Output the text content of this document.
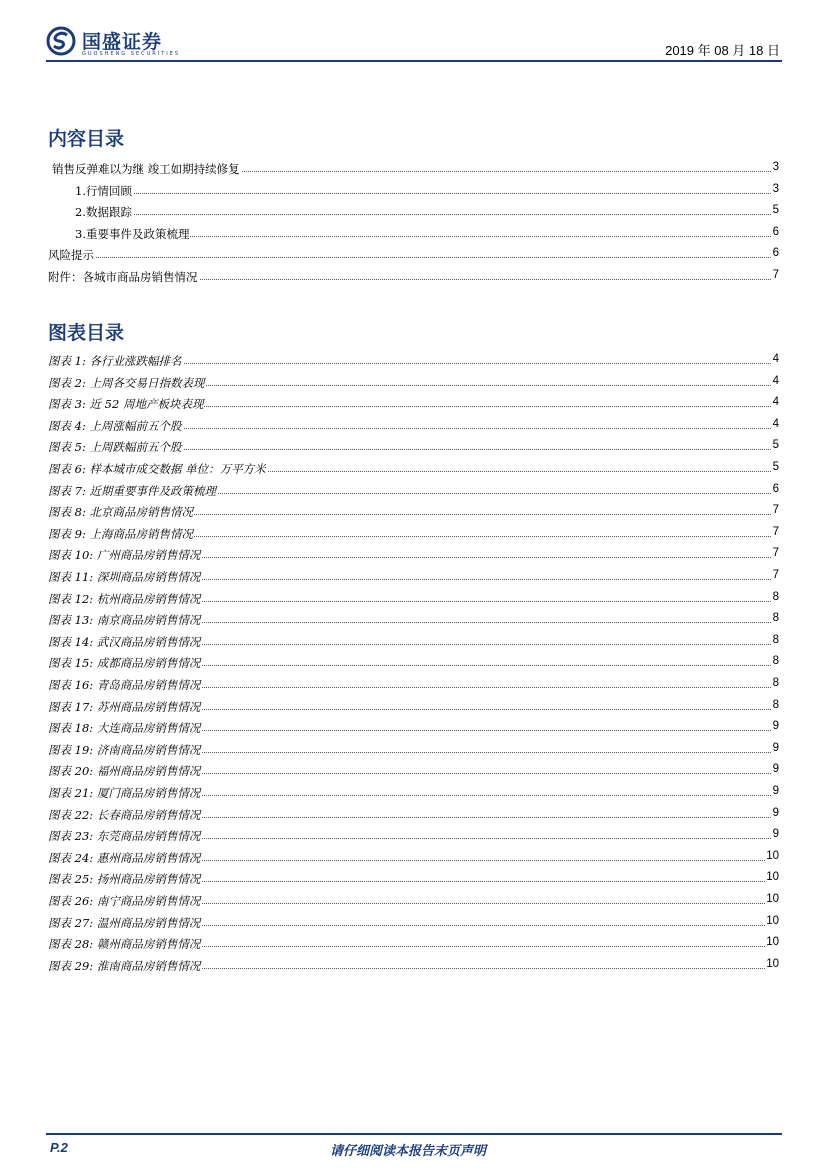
国盛证券
GUOSHENG SECURITIES	2019 年 08 月 18 日
内容目录
销售反弹难以为继 竣工如期持续修复	3
1.行情回顾	3
2.数据跟踪	5
3.重要事件及政策梳理	6
风险提示	6
附件：各城市商品房销售情况	7
图表目录
图表 1: 各行业涨跌幅排名	4
图表 2: 上周各交易日指数表现	4
图表 3: 近 52 周地产板块表现	4
图表 4: 上周涨幅前五个股	4
图表 5: 上周跌幅前五个股	5
图表 6: 样本城市成交数据 单位：万平方米	5
图表 7: 近期重要事件及政策梳理	6
图表 8: 北京商品房销售情况	7
图表 9: 上海商品房销售情况	7
图表 10: 广州商品房销售情况	7
图表 11: 深圳商品房销售情况	7
图表 12: 杭州商品房销售情况	8
图表 13: 南京商品房销售情况	8
图表 14: 武汉商品房销售情况	8
图表 15: 成都商品房销售情况	8
图表 16: 青岛商品房销售情况	8
图表 17: 苏州商品房销售情况	8
图表 18: 大连商品房销售情况	9
图表 19: 济南商品房销售情况	9
图表 20: 福州商品房销售情况	9
图表 21: 厦门商品房销售情况	9
图表 22: 长春商品房销售情况	9
图表 23: 东莞商品房销售情况	9
图表 24: 惠州商品房销售情况	10
图表 25: 扬州商品房销售情况	10
图表 26: 南宁商品房销售情况	10
图表 27: 温州商品房销售情况	10
图表 28: 赣州商品房销售情况	10
图表 29: 淮南商品房销售情况	10
P.2	请仔细阅读本报告末页声明
